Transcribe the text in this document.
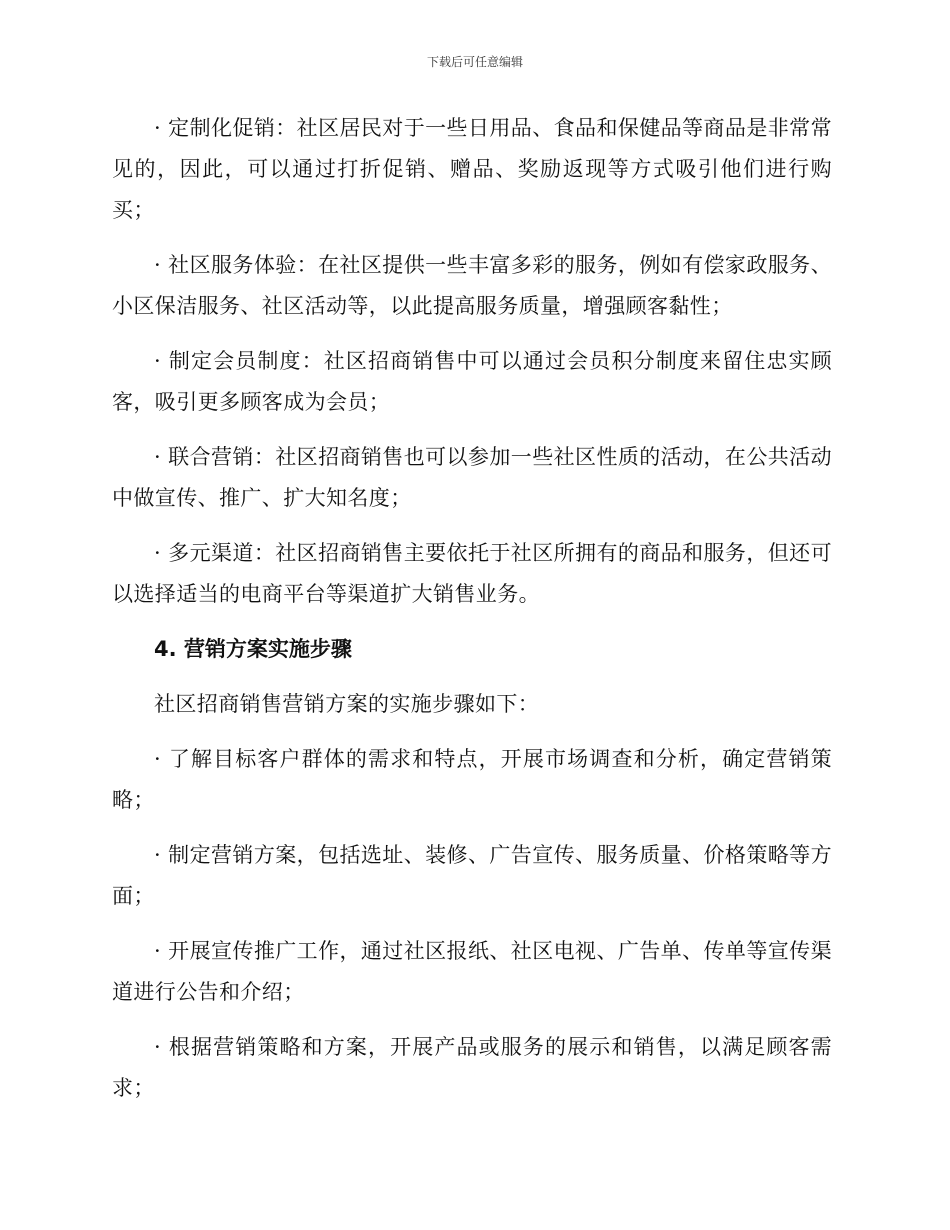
下载后可任意编辑

· 定制化促销：社区居民对于一些日用品、食品和保健品等商品是非常常见的，因此，可以通过打折促销、赠品、奖励返现等方式吸引他们进行购买；

· 社区服务体验：在社区提供一些丰富多彩的服务，例如有偿家政服务、小区保洁服务、社区活动等，以此提高服务质量，增强顾客黏性；

· 制定会员制度：社区招商销售中可以通过会员积分制度来留住忠实顾客，吸引更多顾客成为会员；

· 联合营销：社区招商销售也可以参加一些社区性质的活动，在公共活动中做宣传、推广、扩大知名度；

· 多元渠道：社区招商销售主要依托于社区所拥有的商品和服务，但还可以选择适当的电商平台等渠道扩大销售业务。

4. 营销方案实施步骤

社区招商销售营销方案的实施步骤如下：

· 了解目标客户群体的需求和特点，开展市场调查和分析，确定营销策略；

· 制定营销方案，包括选址、装修、广告宣传、服务质量、价格策略等方面；

· 开展宣传推广工作，通过社区报纸、社区电视、广告单、传单等宣传渠道进行公告和介绍；

· 根据营销策略和方案，开展产品或服务的展示和销售，以满足顾客需求；
